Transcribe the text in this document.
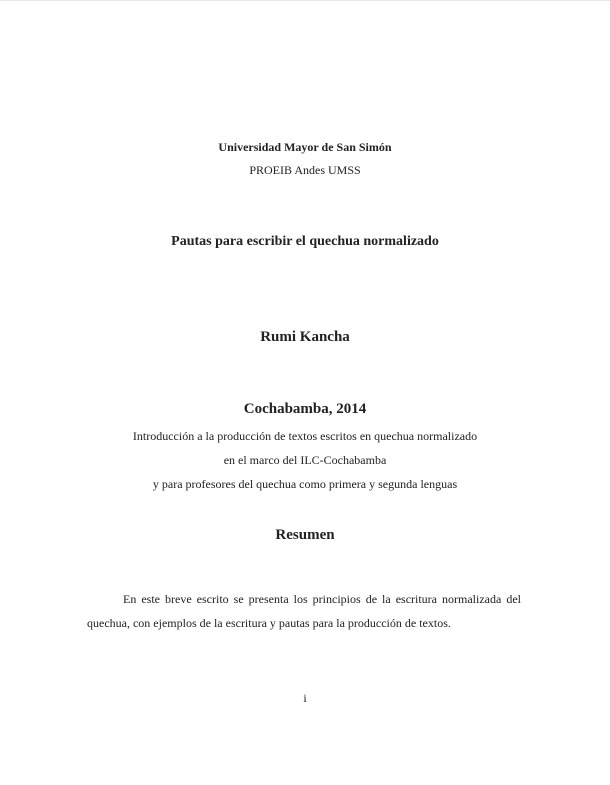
Universidad Mayor de San Simón
PROEIB Andes UMSS
Pautas para escribir el quechua normalizado
Rumi Kancha
Cochabamba, 2014
Introducción a la producción de textos escritos en quechua normalizado
en el marco del ILC-Cochabamba
y para profesores del quechua como primera y segunda lenguas
Resumen

En este breve escrito se presenta los principios de la escritura normalizada del quechua, con ejemplos de la escritura y pautas para la producción de textos.

i
